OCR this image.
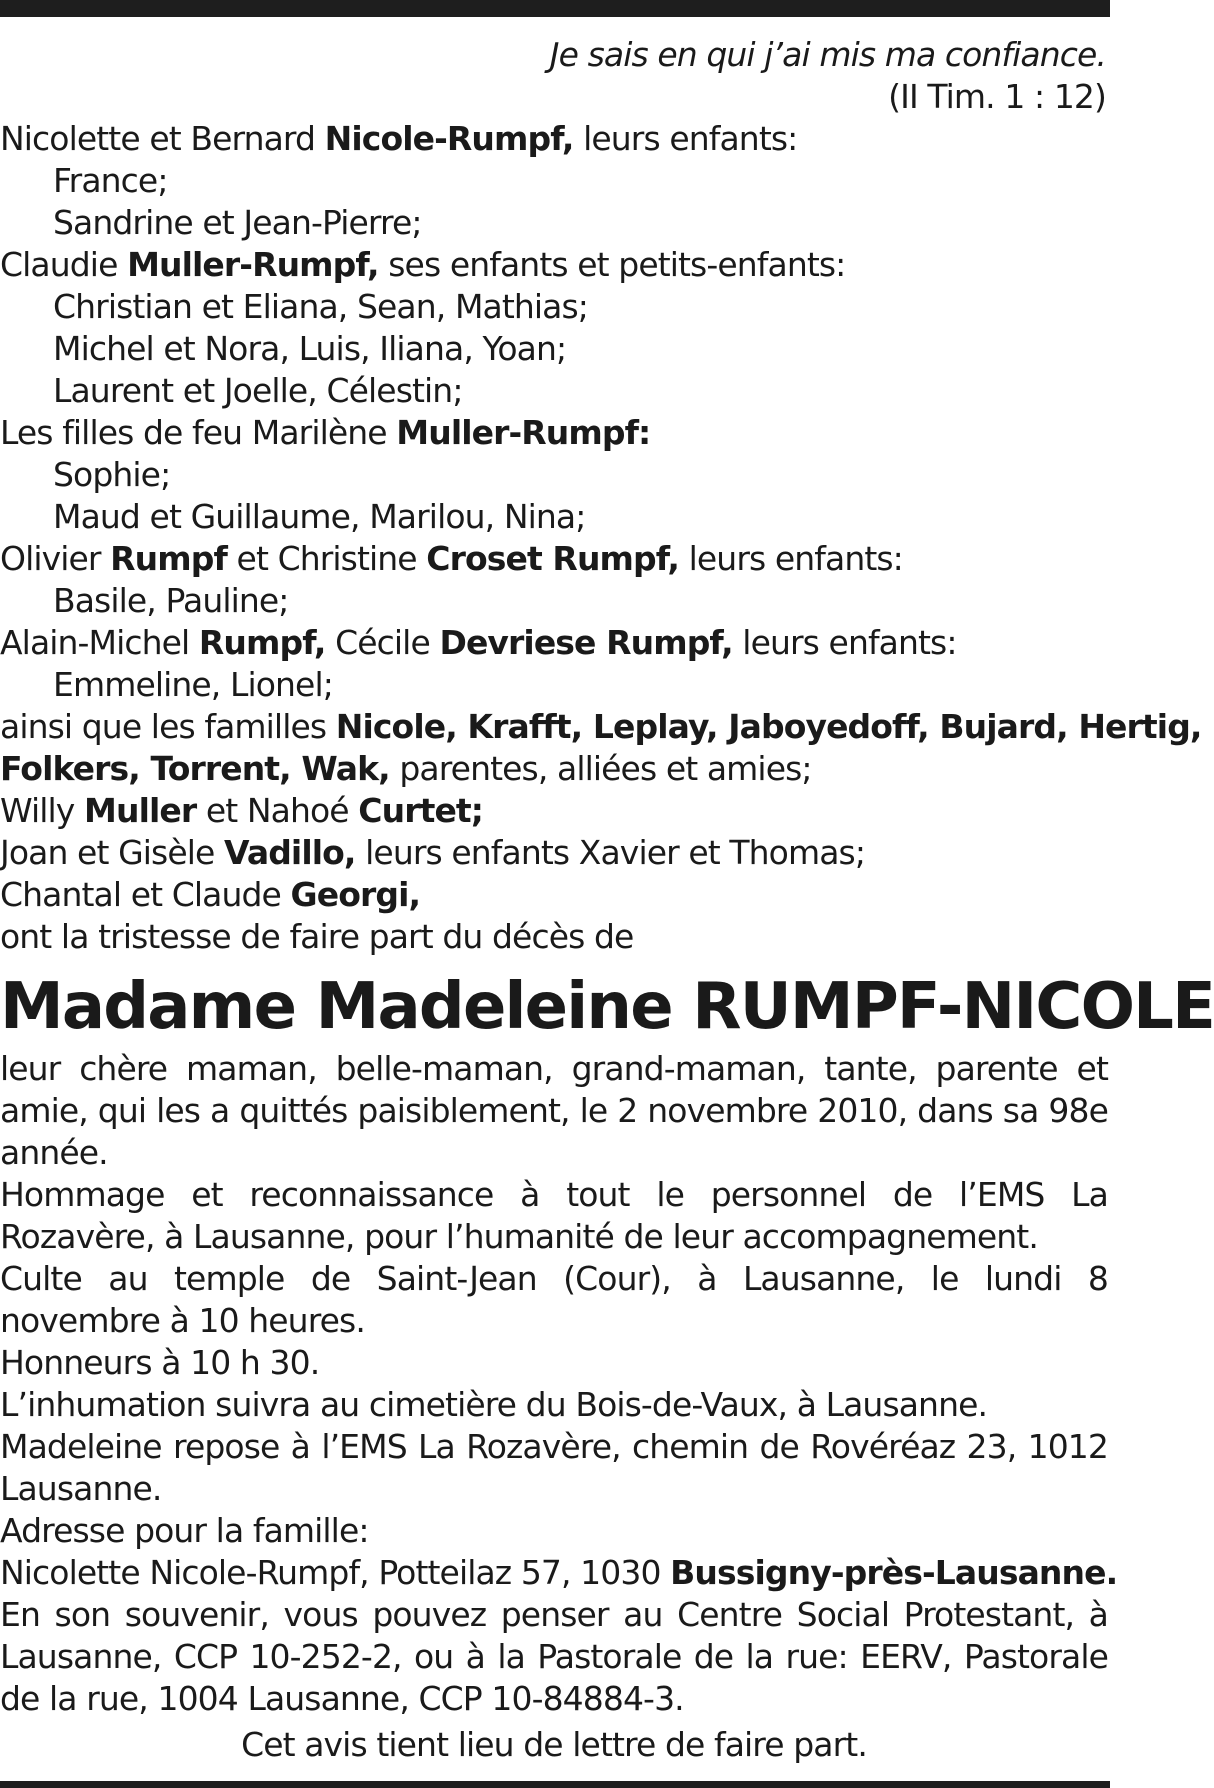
Je sais en qui j’ai mis ma confiance.
(II Tim. 1 : 12)
Nicolette et Bernard Nicole-Rumpf, leurs enfants:
France;
Sandrine et Jean-Pierre;
Claudie Muller-Rumpf, ses enfants et petits-enfants:
Christian et Eliana, Sean, Mathias;
Michel et Nora, Luis, Iliana, Yoan;
Laurent et Joelle, Célestin;
Les filles de feu Marilène Muller-Rumpf:
Sophie;
Maud et Guillaume, Marilou, Nina;
Olivier Rumpf et Christine Croset Rumpf, leurs enfants:
Basile, Pauline;
Alain-Michel Rumpf, Cécile Devriese Rumpf, leurs enfants:
Emmeline, Lionel;
ainsi que les familles Nicole, Krafft, Leplay, Jaboyedoff, Bujard, Hertig,
Folkers, Torrent, Wak, parentes, alliées et amies;
Willy Muller et Nahoé Curtet;
Joan et Gisèle Vadillo, leurs enfants Xavier et Thomas;
Chantal et Claude Georgi,
ont la tristesse de faire part du décès de
Madame Madeleine RUMPF-NICOLE
leur chère maman, belle-maman, grand-maman, tante, parente et amie, qui les a quittés paisiblement, le 2 novembre 2010, dans sa 98e année.
Hommage et reconnaissance à tout le personnel de l’EMS La Rozavère, à Lausanne, pour l’humanité de leur accompagnement.
Culte au temple de Saint-Jean (Cour), à Lausanne, le lundi 8 novembre à 10 heures.
Honneurs à 10 h 30.
L’inhumation suivra au cimetière du Bois-de-Vaux, à Lausanne.
Madeleine repose à l’EMS La Rozavère, chemin de Rovéréaz 23, 1012 Lausanne.
Adresse pour la famille:
Nicolette Nicole-Rumpf, Potteilaz 57, 1030 Bussigny-près-Lausanne.
En son souvenir, vous pouvez penser au Centre Social Protestant, à Lausanne, CCP 10-252-2, ou à la Pastorale de la rue: EERV, Pastorale de la rue, 1004 Lausanne, CCP 10-84884-3.
Cet avis tient lieu de lettre de faire part.
